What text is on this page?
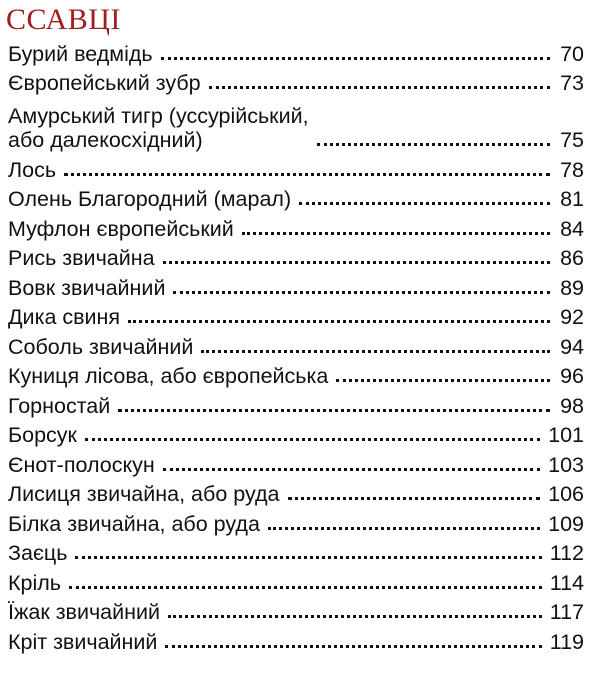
ССАВЦІ
Бурий ведмідь	70
Європейський зубр	73
Амурський тигр (уссурійський,
або далекосхідний)	75
Лось	78
Олень Благородний (марал)	81
Муфлон європейський	84
Рись звичайна	86
Вовк звичайний	89
Дика свиня	92
Соболь звичайний	94
Куниця лісова, або європейська	96
Горностай	98
Борсук	101
Єнот-полоскун	103
Лисиця звичайна, або руда	106
Білка звичайна, або руда	109
Заєць	112
Кріль	114
Їжак звичайний	117
Кріт звичайний	119
